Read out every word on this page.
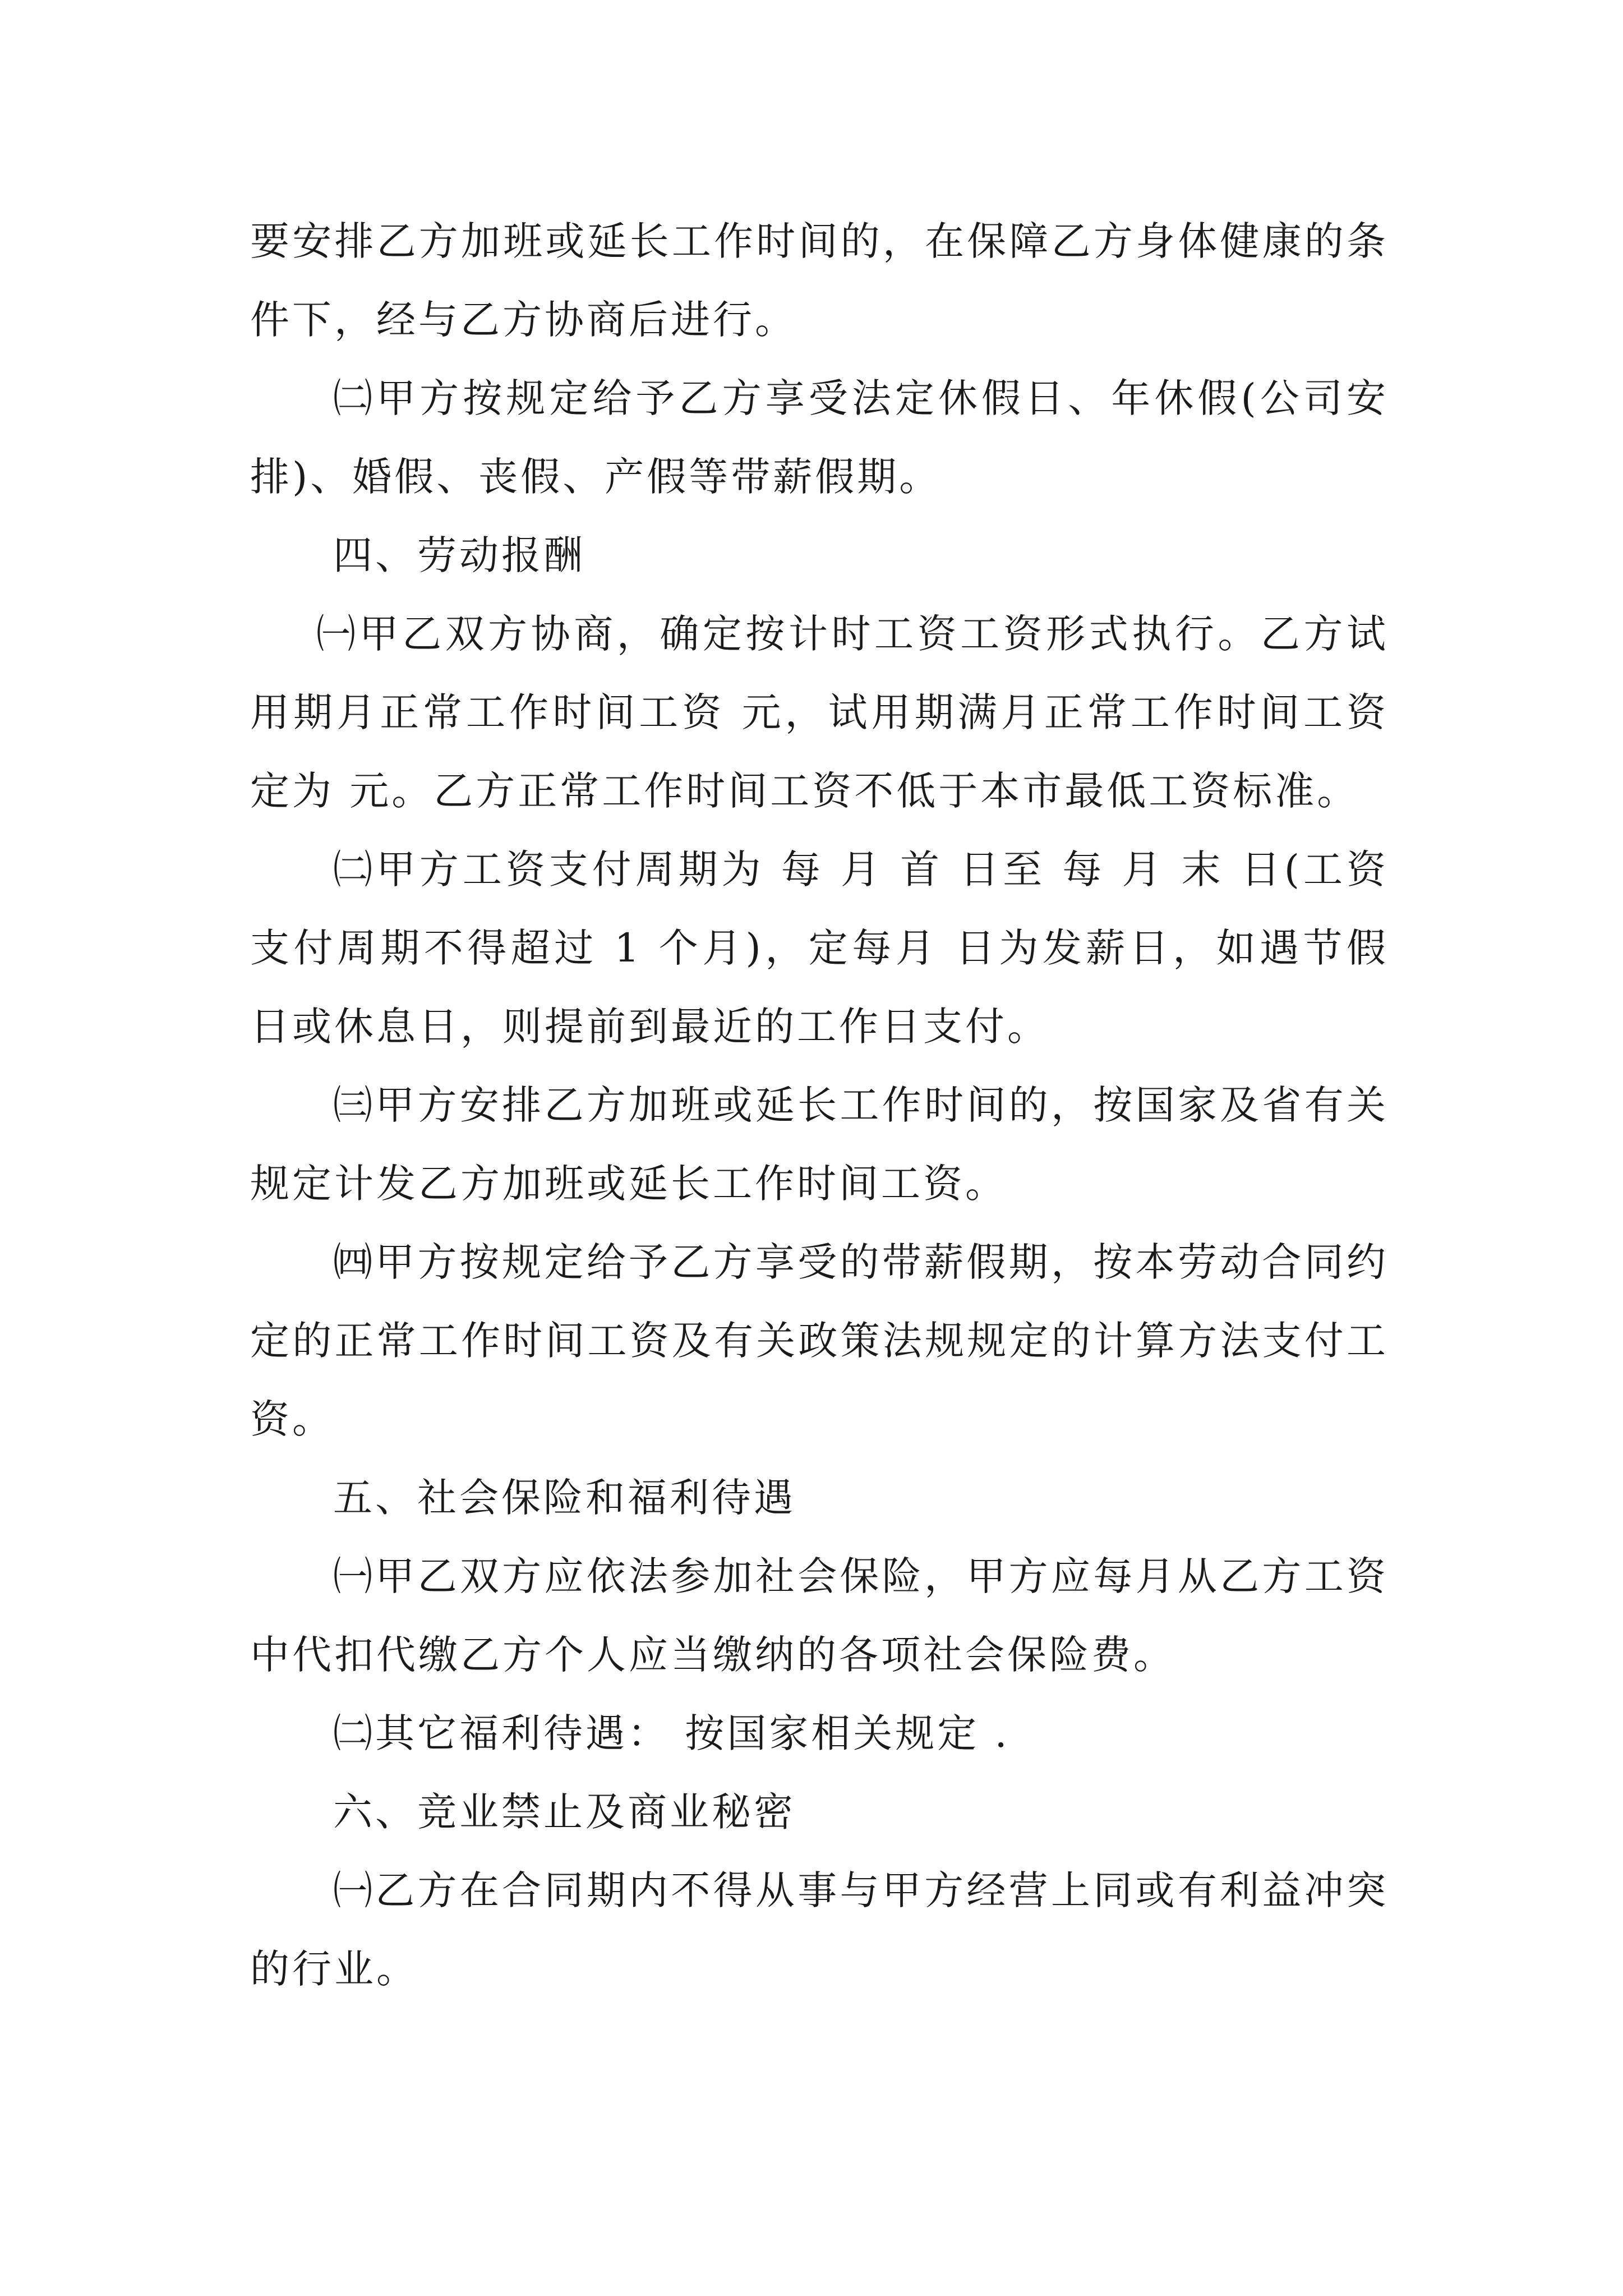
要安排乙方加班或延长工作时间的，在保障乙方身体健康的条件下，经与乙方协商后进行。

㈡甲方按规定给予乙方享受法定休假日、年休假(公司安排)、婚假、丧假、产假等带薪假期。

四、劳动报酬

㈠甲乙双方协商，确定按计时工资工资形式执行。乙方试用期月正常工作时间工资 元，试用期满月正常工作时间工资定为 元。乙方正常工作时间工资不低于本市最低工资标准。

㈡甲方工资支付周期为 每 月 首 日至 每 月 末 日(工资支付周期不得超过 1 个月)，定每月 日为发薪日，如遇节假日或休息日，则提前到最近的工作日支付。

㈢甲方安排乙方加班或延长工作时间的，按国家及省有关规定计发乙方加班或延长工作时间工资。

㈣甲方按规定给予乙方享受的带薪假期，按本劳动合同约定的正常工作时间工资及有关政策法规规定的计算方法支付工资。

五、社会保险和福利待遇

㈠甲乙双方应依法参加社会保险，甲方应每月从乙方工资中代扣代缴乙方个人应当缴纳的各项社会保险费。

㈡其它福利待遇： 按国家相关规定 .

六、竞业禁止及商业秘密

㈠乙方在合同期内不得从事与甲方经营上同或有利益冲突的行业。
